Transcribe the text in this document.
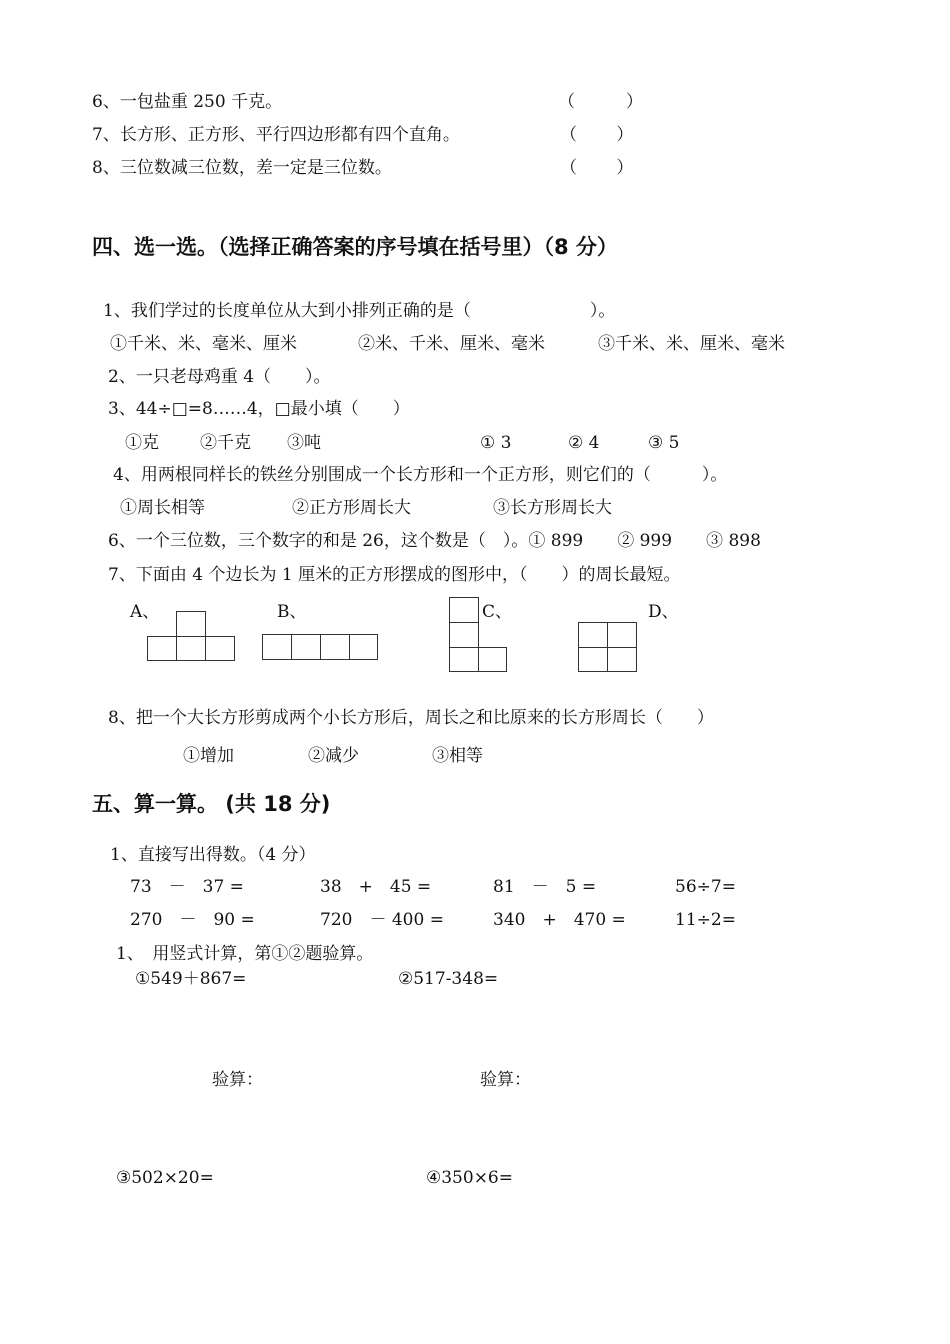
6、一包盐重 250 千克。	（　　　）
7、长方形、正方形、平行四边形都有四个直角。	（　　 ）
8、三位数减三位数，差一定是三位数。	（　　 ）
四、选一选。（选择正确答案的序号填在括号里）（8 分）
1、我们学过的长度单位从大到小排列正确的是（　　　　　　　）。
①千米、米、毫米、厘米	②米、千米、厘米、毫米	③千米、米、厘米、毫米
2、一只老母鸡重 4（　　）。
3、44÷□=8……4，□最小填（　　）
①克 ②千克 ③吨	① 3	② 4	③ 5
4、用两根同样长的铁丝分别围成一个长方形和一个正方形，则它们的（　　　）。
①周长相等	②正方形周长大	③长方形周长大
6、一个三位数，三个数字的和是 26，这个数是（　）。① 899　　② 999　　③ 898
7、下面由 4 个边长为 1 厘米的正方形摆成的图形中，（　　）的周长最短。
A、	B、	C、	D、
8、把一个大长方形剪成两个小长方形后，周长之和比原来的长方形周长（　　）
①增加	②减少	③相等
五、算一算。 (共 18 分)
1、直接写出得数。（4 分）
73　－　37 =	38　+　45 =	81　－　5 =	56÷7=
270　－　90 =	720　－ 400 =	340　+　470 =	11÷2=
1、　用竖式计算，第①②题验算。
①549＋867=	②517-348=
验算：	验算：
③502×20=	④350×6=
